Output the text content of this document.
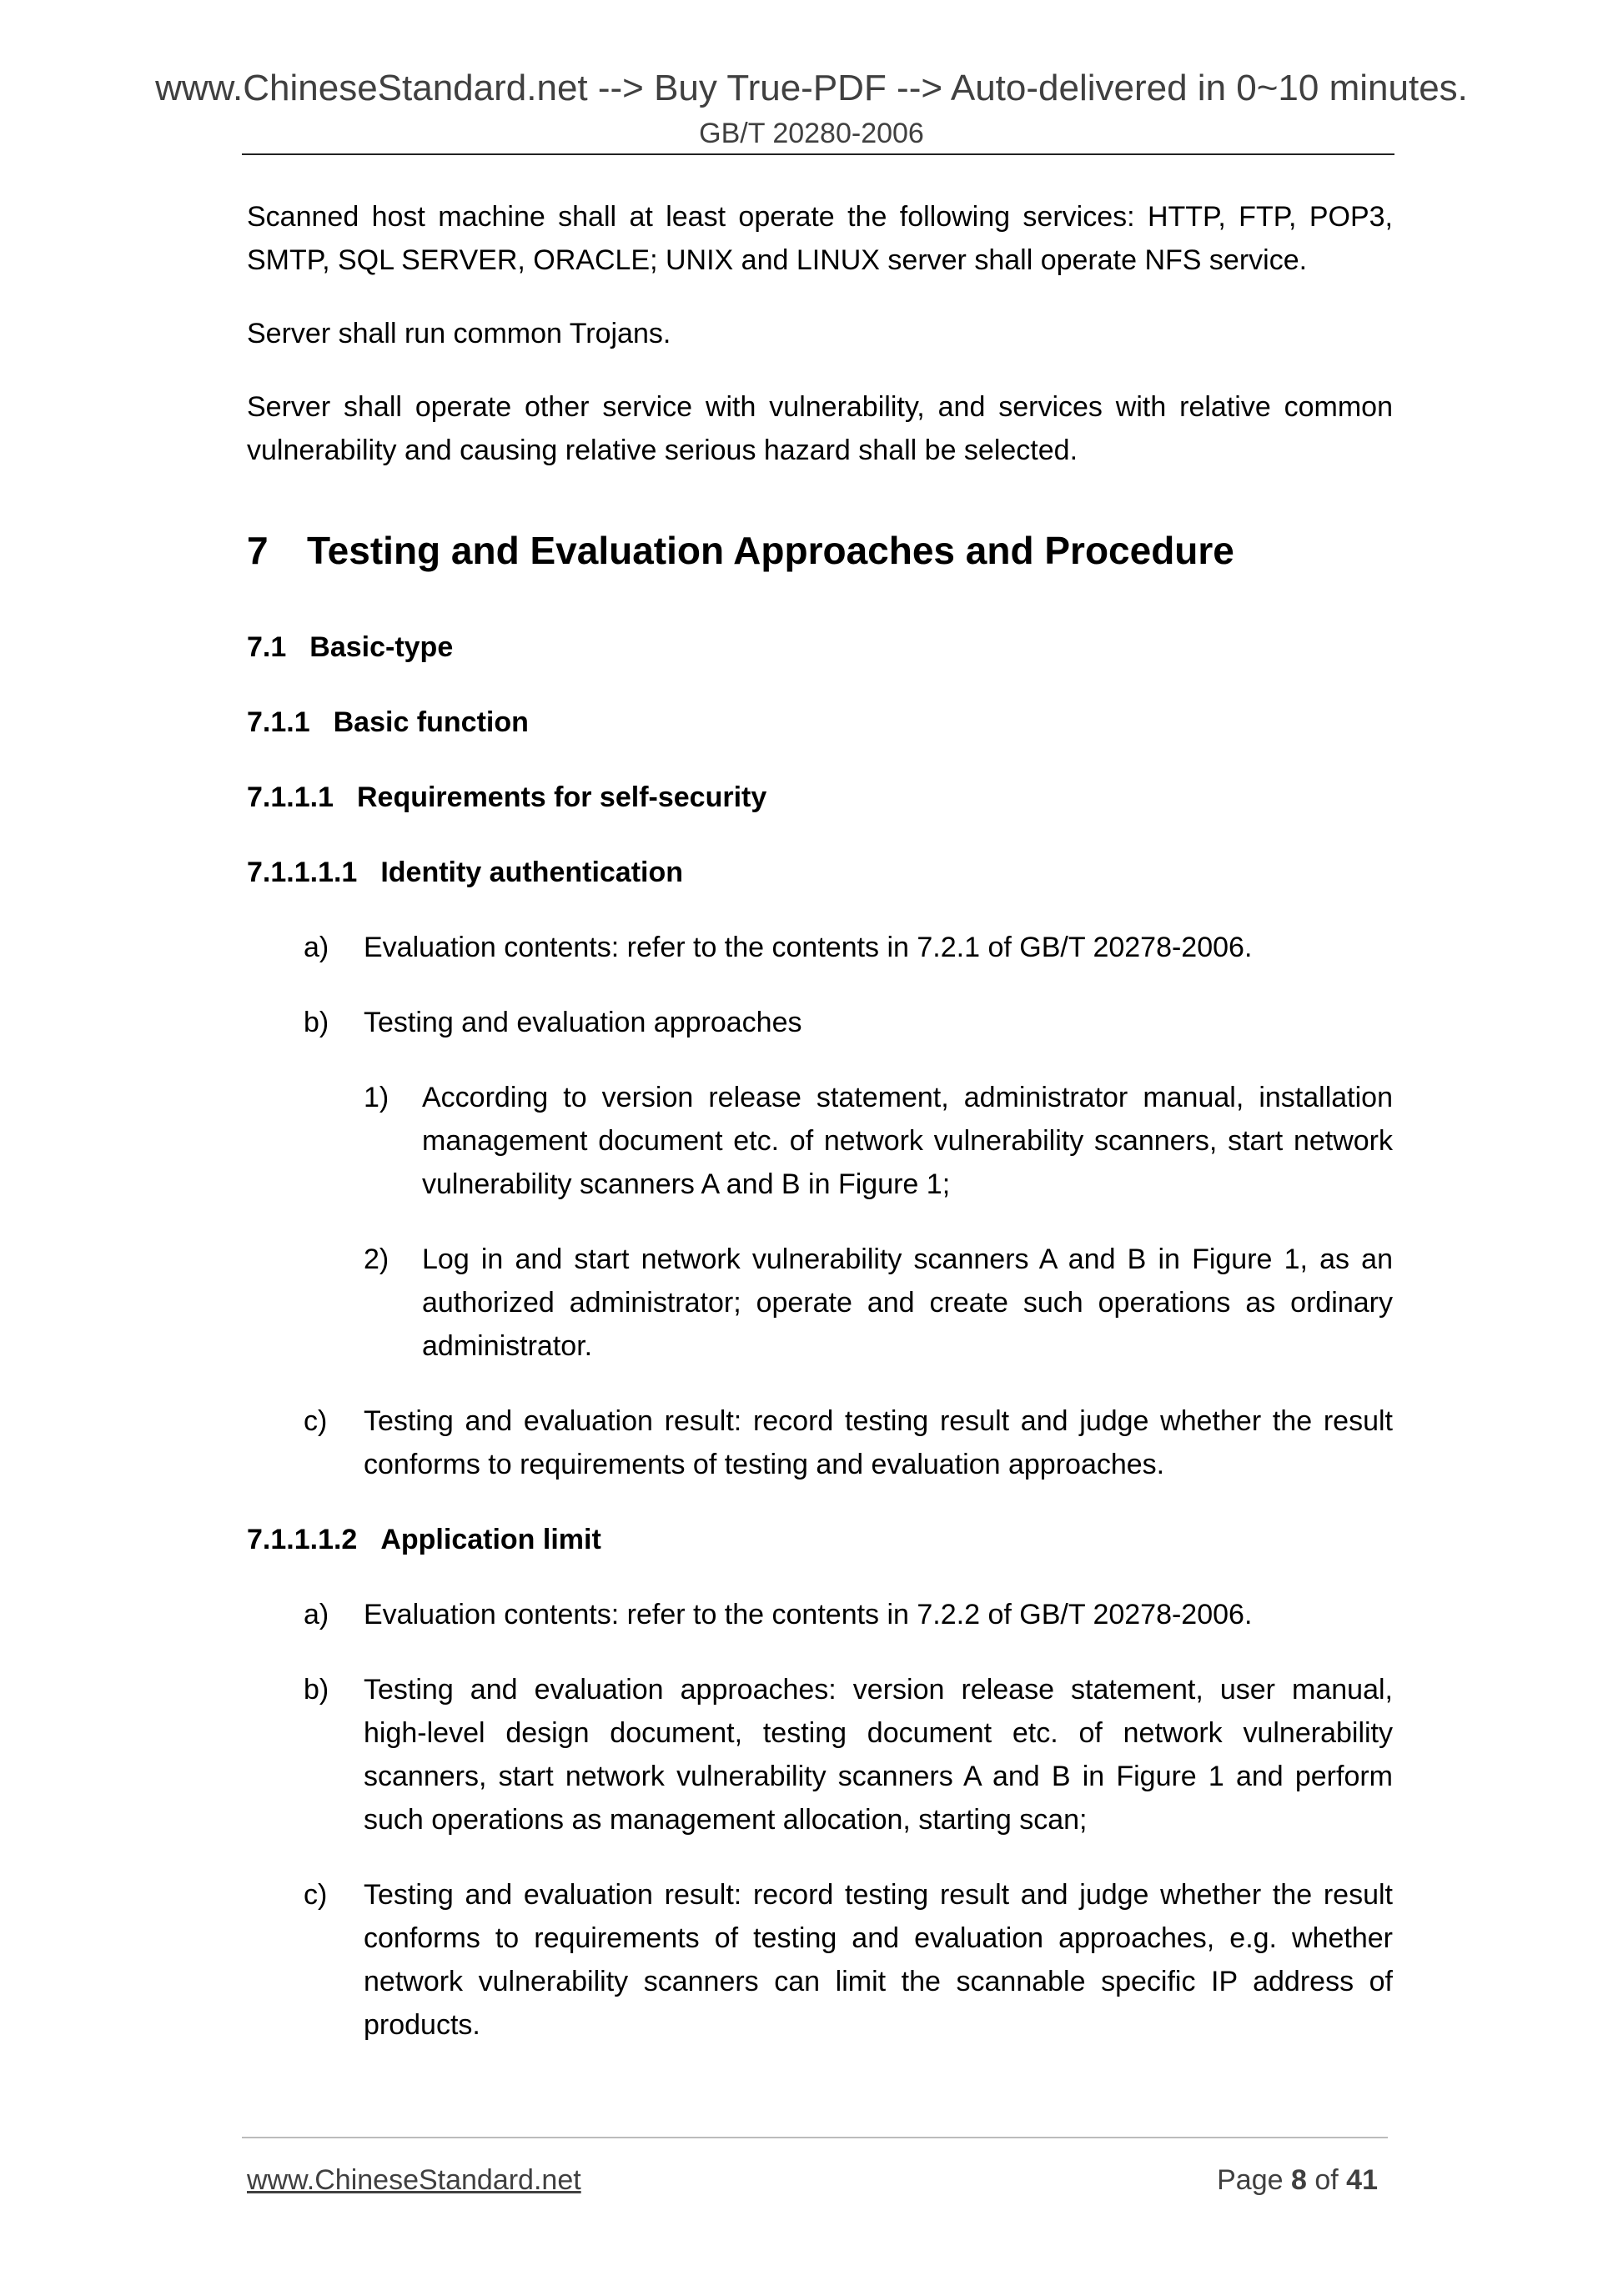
www.ChineseStandard.net --> Buy True-PDF --> Auto-delivered in 0~10 minutes.
GB/T 20280-2006

Scanned host machine shall at least operate the following services: HTTP, FTP, POP3, SMTP, SQL SERVER, ORACLE; UNIX and LINUX server shall operate NFS service.

Server shall run common Trojans.

Server shall operate other service with vulnerability, and services with relative common vulnerability and causing relative serious hazard shall be selected.

7 Testing and Evaluation Approaches and Procedure
7.1 Basic-type
7.1.1 Basic function
7.1.1.1 Requirements for self-security
7.1.1.1.1 Identity authentication
a) Evaluation contents: refer to the contents in 7.2.1 of GB/T 20278-2006.
b) Testing and evaluation approaches
1) According to version release statement, administrator manual, installation management document etc. of network vulnerability scanners, start network vulnerability scanners A and B in Figure 1;
2) Log in and start network vulnerability scanners A and B in Figure 1, as an authorized administrator; operate and create such operations as ordinary administrator.
c) Testing and evaluation result: record testing result and judge whether the result conforms to requirements of testing and evaluation approaches.
7.1.1.1.2 Application limit
a) Evaluation contents: refer to the contents in 7.2.2 of GB/T 20278-2006.
b) Testing and evaluation approaches: version release statement, user manual, high-level design document, testing document etc. of network vulnerability scanners, start network vulnerability scanners A and B in Figure 1 and perform such operations as management allocation, starting scan;
c) Testing and evaluation result: record testing result and judge whether the result conforms to requirements of testing and evaluation approaches, e.g. whether network vulnerability scanners can limit the scannable specific IP address of products.
www.ChineseStandard.net	Page 8 of 41
